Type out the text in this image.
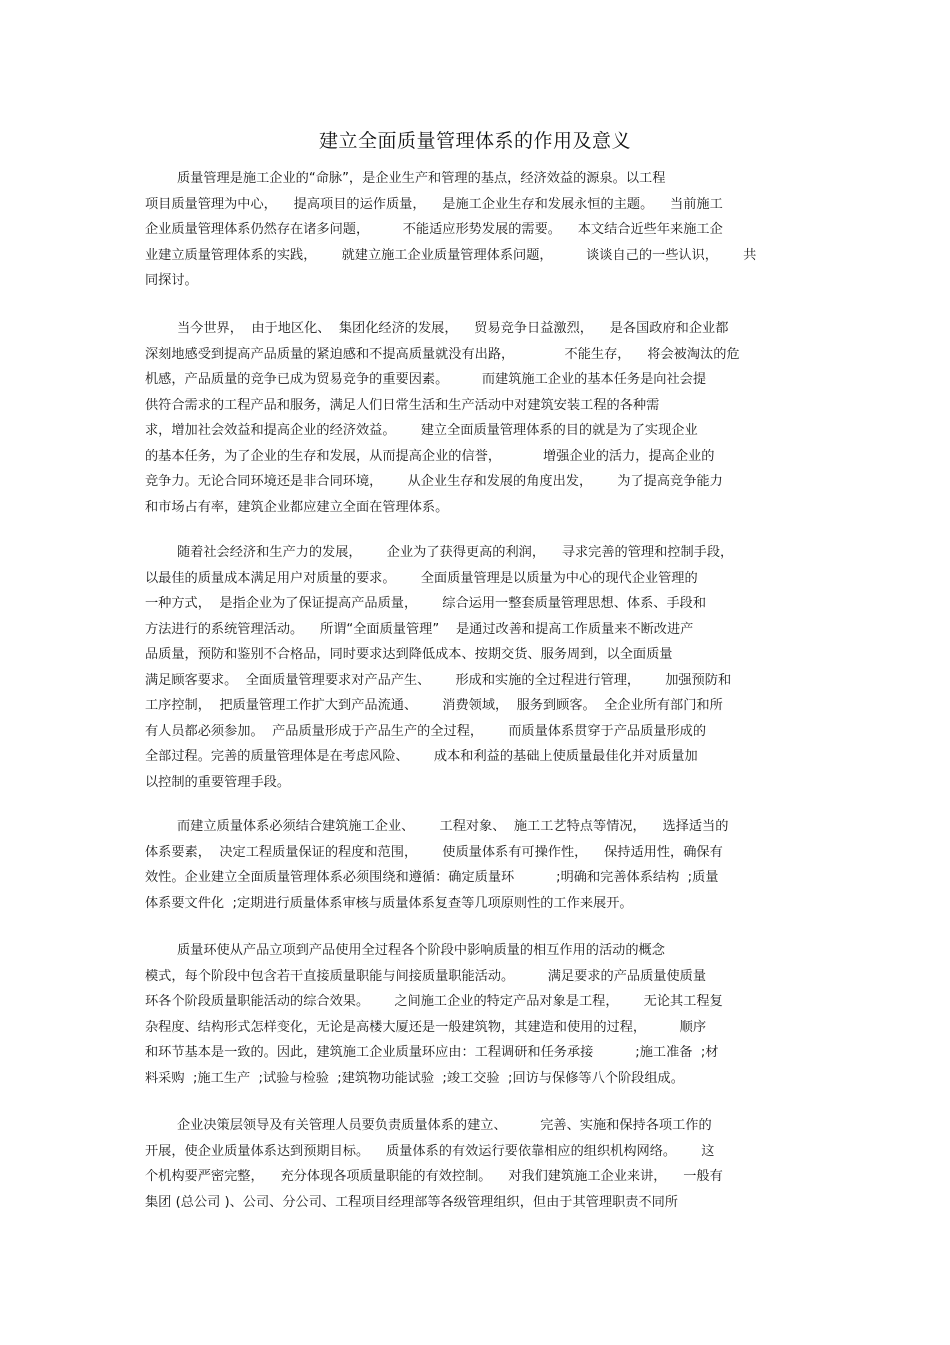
建立全面质量管理体系的作用及意义
质量管理是施工企业的“命脉”，是企业生产和管理的基点，经济效益的源泉。以工程
项目质量管理为中心，    提高项目的运作质量，    是施工企业生存和发展永恒的主题。    当前施工
企业质量管理体系仍然存在诸多问题，        不能适应形势发展的需要。    本文结合近些年来施工企
业建立质量管理体系的实践，      就建立施工企业质量管理体系问题，        谈谈自己的一些认识，      共
同探讨。
当今世界，  由于地区化、  集团化经济的发展，    贸易竞争日益激烈，    是各国政府和企业都
深刻地感受到提高产品质量的紧迫感和不提高质量就没有出路，            不能生存，    将会被淘汰的危
机感，产品质量的竞争已成为贸易竞争的重要因素。        而建筑施工企业的基本任务是向社会提
供符合需求的工程产品和服务，满足人们日常生活和生产活动中对建筑安装工程的各种需
求，增加社会效益和提高企业的经济效益。      建立全面质量管理体系的目的就是为了实现企业
的基本任务，为了企业的生存和发展，从而提高企业的信誉，          增强企业的活力，提高企业的
竞争力。无论合同环境还是非合同环境，      从企业生存和发展的角度出发，      为了提高竞争能力
和市场占有率，建筑企业都应建立全面在管理体系。
随着社会经济和生产力的发展，      企业为了获得更高的利润，    寻求完善的管理和控制手段，
以最佳的质量成本满足用户对质量的要求。      全面质量管理是以质量为中心的现代企业管理的
一种方式，  是指企业为了保证提高产品质量，      综合运用一整套质量管理思想、体系、手段和
方法进行的系统管理活动。    所谓“全面质量管理”    是通过改善和提高工作质量来不断改进产
品质量，预防和鉴别不合格品，同时要求达到降低成本、按期交货、服务周到，以全面质量
满足顾客要求。  全面质量管理要求对产品产生、      形成和实施的全过程进行管理，      加强预防和
工序控制，  把质量管理工作扩大到产品流通、      消费领域，  服务到顾客。  全企业所有部门和所
有人员都必须参加。  产品质量形成于产品生产的全过程，      而质量体系贯穿于产品质量形成的
全部过程。完善的质量管理体是在考虑风险、      成本和利益的基础上使质量最佳化并对质量加
以控制的重要管理手段。
而建立质量体系必须结合建筑施工企业、      工程对象、  施工工艺特点等情况，    选择适当的
体系要素，  决定工程质量保证的程度和范围，      使质量体系有可操作性，    保持适用性，确保有
效性。企业建立全面质量管理体系必须围绕和遵循：确定质量环          ;明确和完善体系结构  ;质量
体系要文件化  ;定期进行质量体系审核与质量体系复查等几项原则性的工作来展开。
质量环使从产品立项到产品使用全过程各个阶段中影响质量的相互作用的活动的概念
模式，每个阶段中包含若干直接质量职能与间接质量职能活动。        满足要求的产品质量使质量
环各个阶段质量职能活动的综合效果。      之间施工企业的特定产品对象是工程，      无论其工程复
杂程度、结构形式怎样变化，无论是高楼大厦还是一般建筑物，其建造和使用的过程，        顺序
和环节基本是一致的。因此，建筑施工企业质量环应由：工程调研和任务承接          ;施工准备  ;材
料采购  ;施工生产  ;试验与检验  ;建筑物功能试验  ;竣工交验  ;回访与保修等八个阶段组成。
企业决策层领导及有关管理人员要负责质量体系的建立、        完善、实施和保持各项工作的
开展，使企业质量体系达到预期目标。    质量体系的有效运行要依靠相应的组织机构网络。      这
个机构要严密完整，    充分体现各项质量职能的有效控制。    对我们建筑施工企业来讲，    一般有
集团 (总公司 )、公司、分公司、工程项目经理部等各级管理组织，但由于其管理职责不同所
